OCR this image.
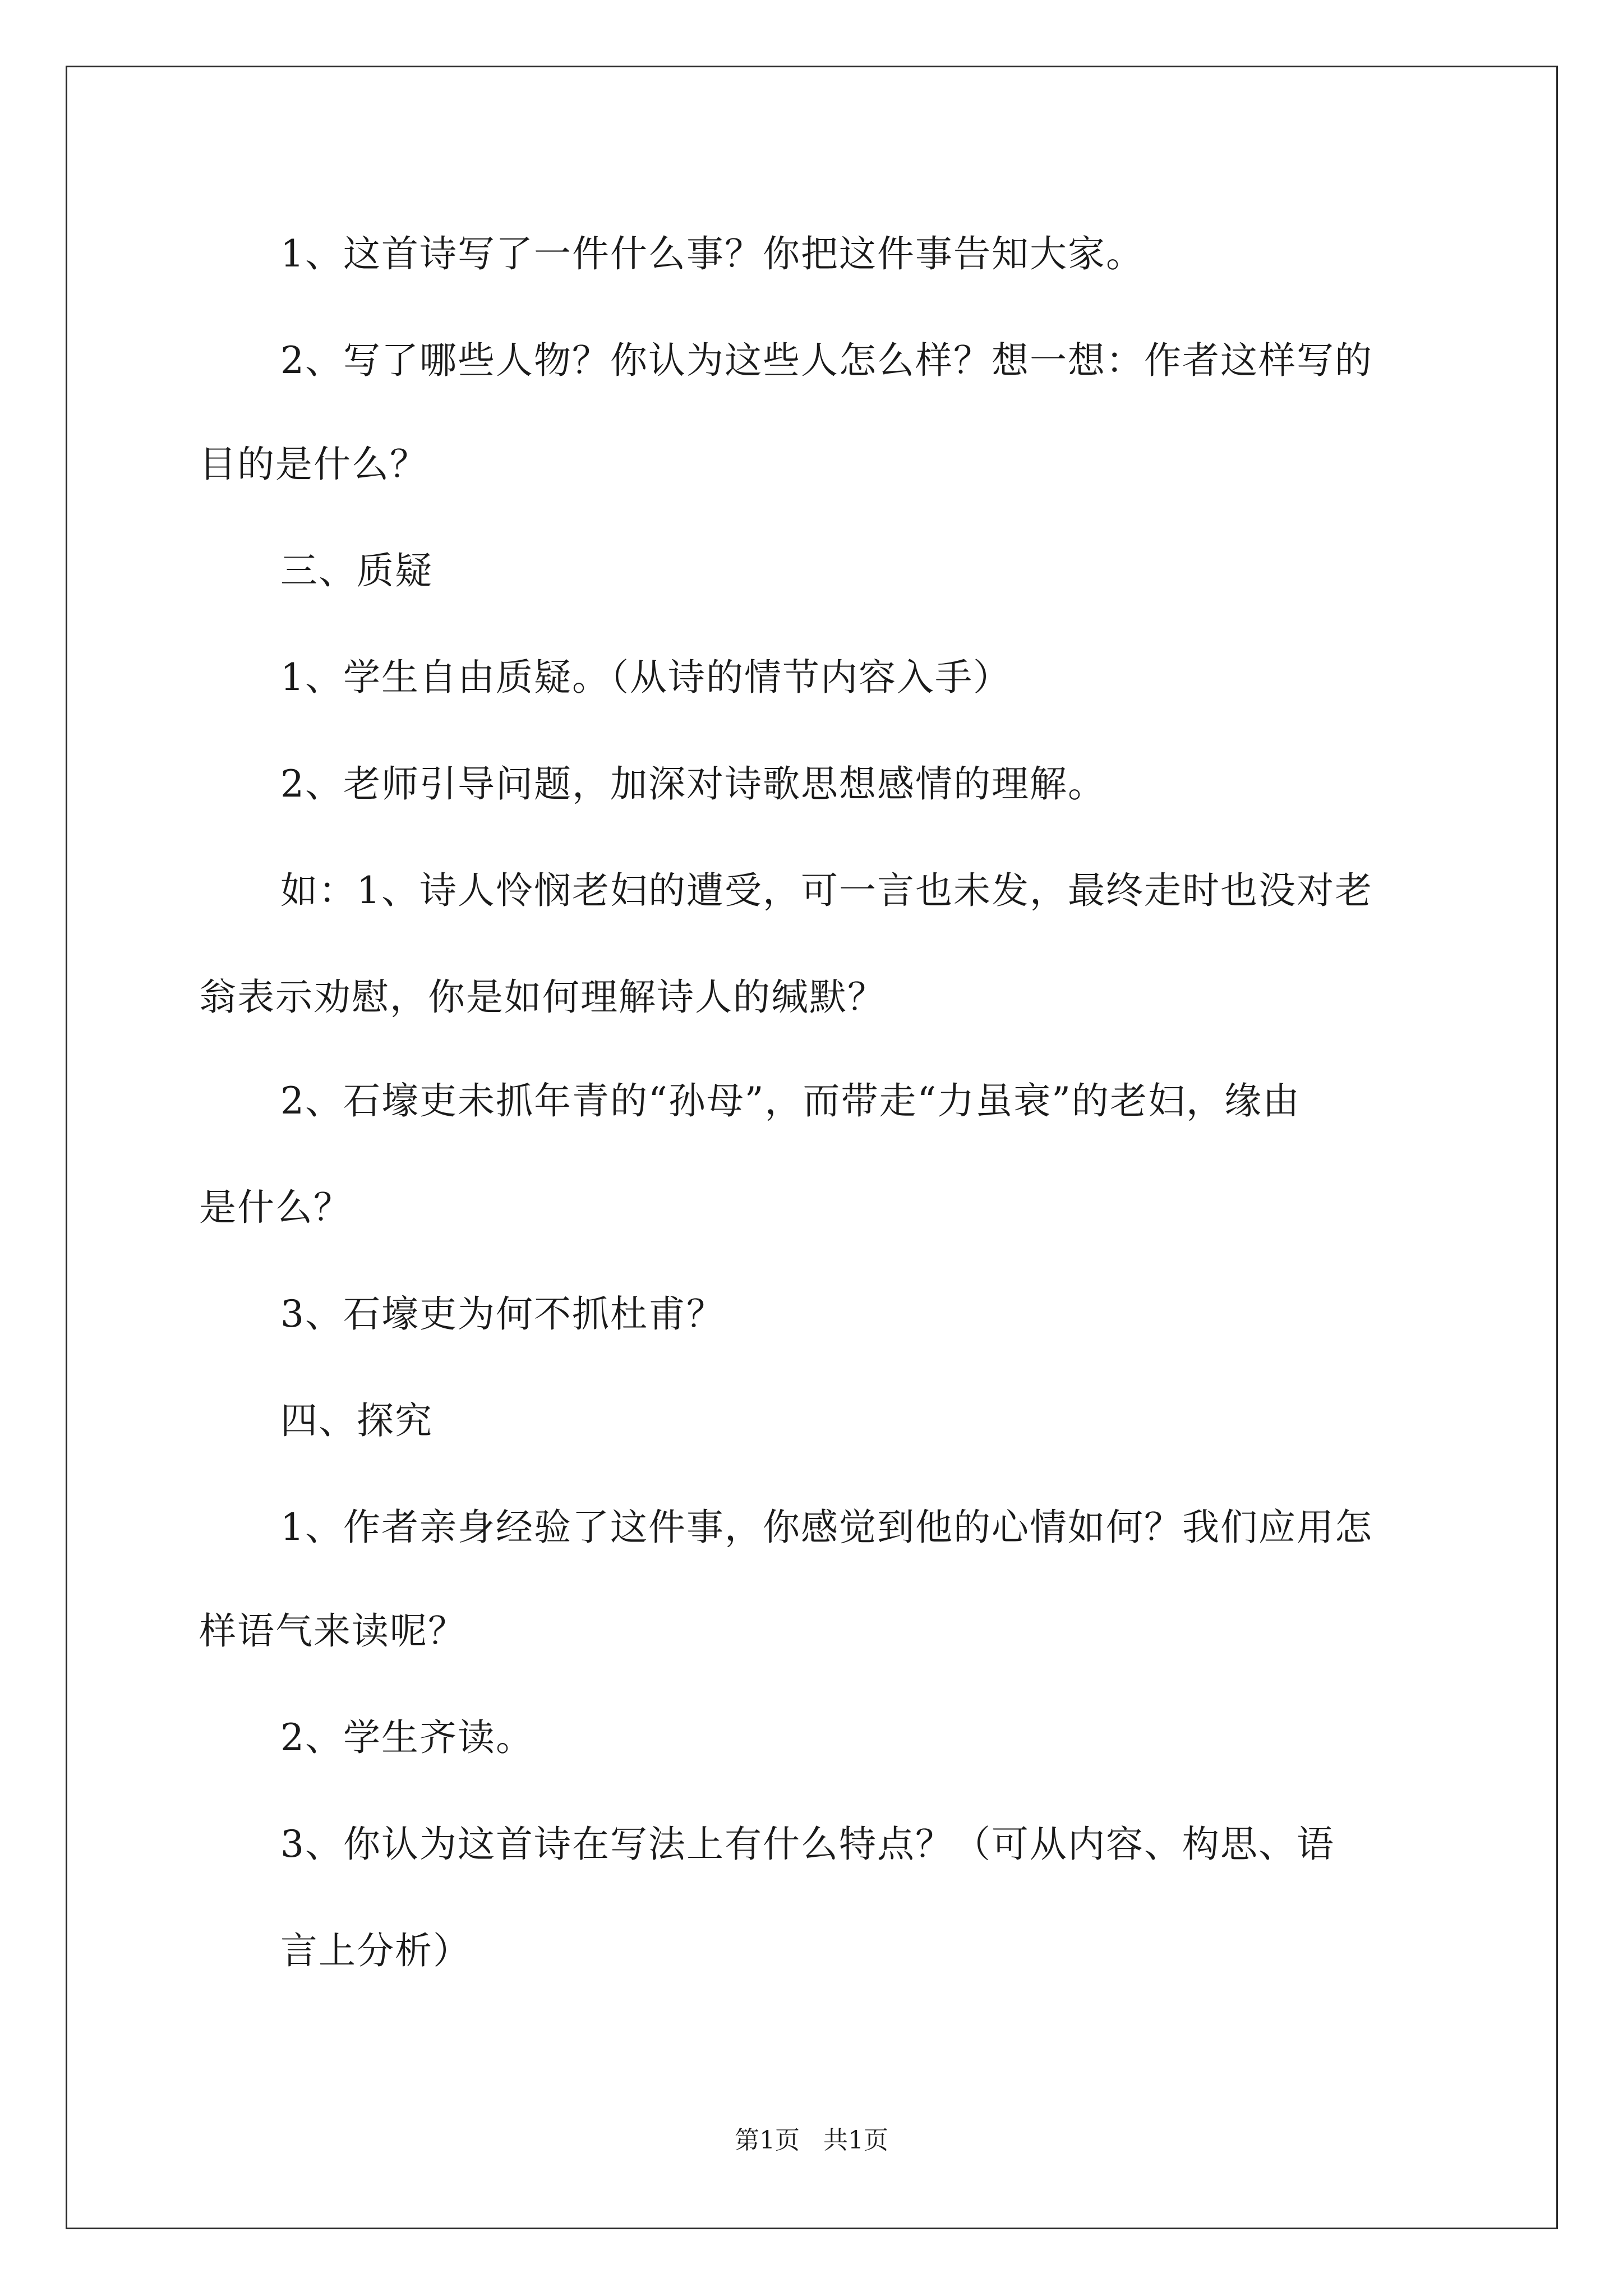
1、这首诗写了一件什么事？你把这件事告知大家。
2、写了哪些人物？你认为这些人怎么样？想一想：作者这样写的
目的是什么？
三、质疑
1、学生自由质疑。（从诗的情节内容入手）
2、老师引导问题，加深对诗歌思想感情的理解。
如：1、诗人怜悯老妇的遭受，可一言也未发，最终走时也没对老
翁表示劝慰，你是如何理解诗人的缄默？
2、石壕吏未抓年青的“孙母”，而带走“力虽衰”的老妇，缘由
是什么？
3、石壕吏为何不抓杜甫？
四、探究
1、作者亲身经验了这件事，你感觉到他的心情如何？我们应用怎
样语气来读呢？
2、学生齐读。
3、你认为这首诗在写法上有什么特点？（可从内容、构思、语
言上分析）
第1页   共1页
